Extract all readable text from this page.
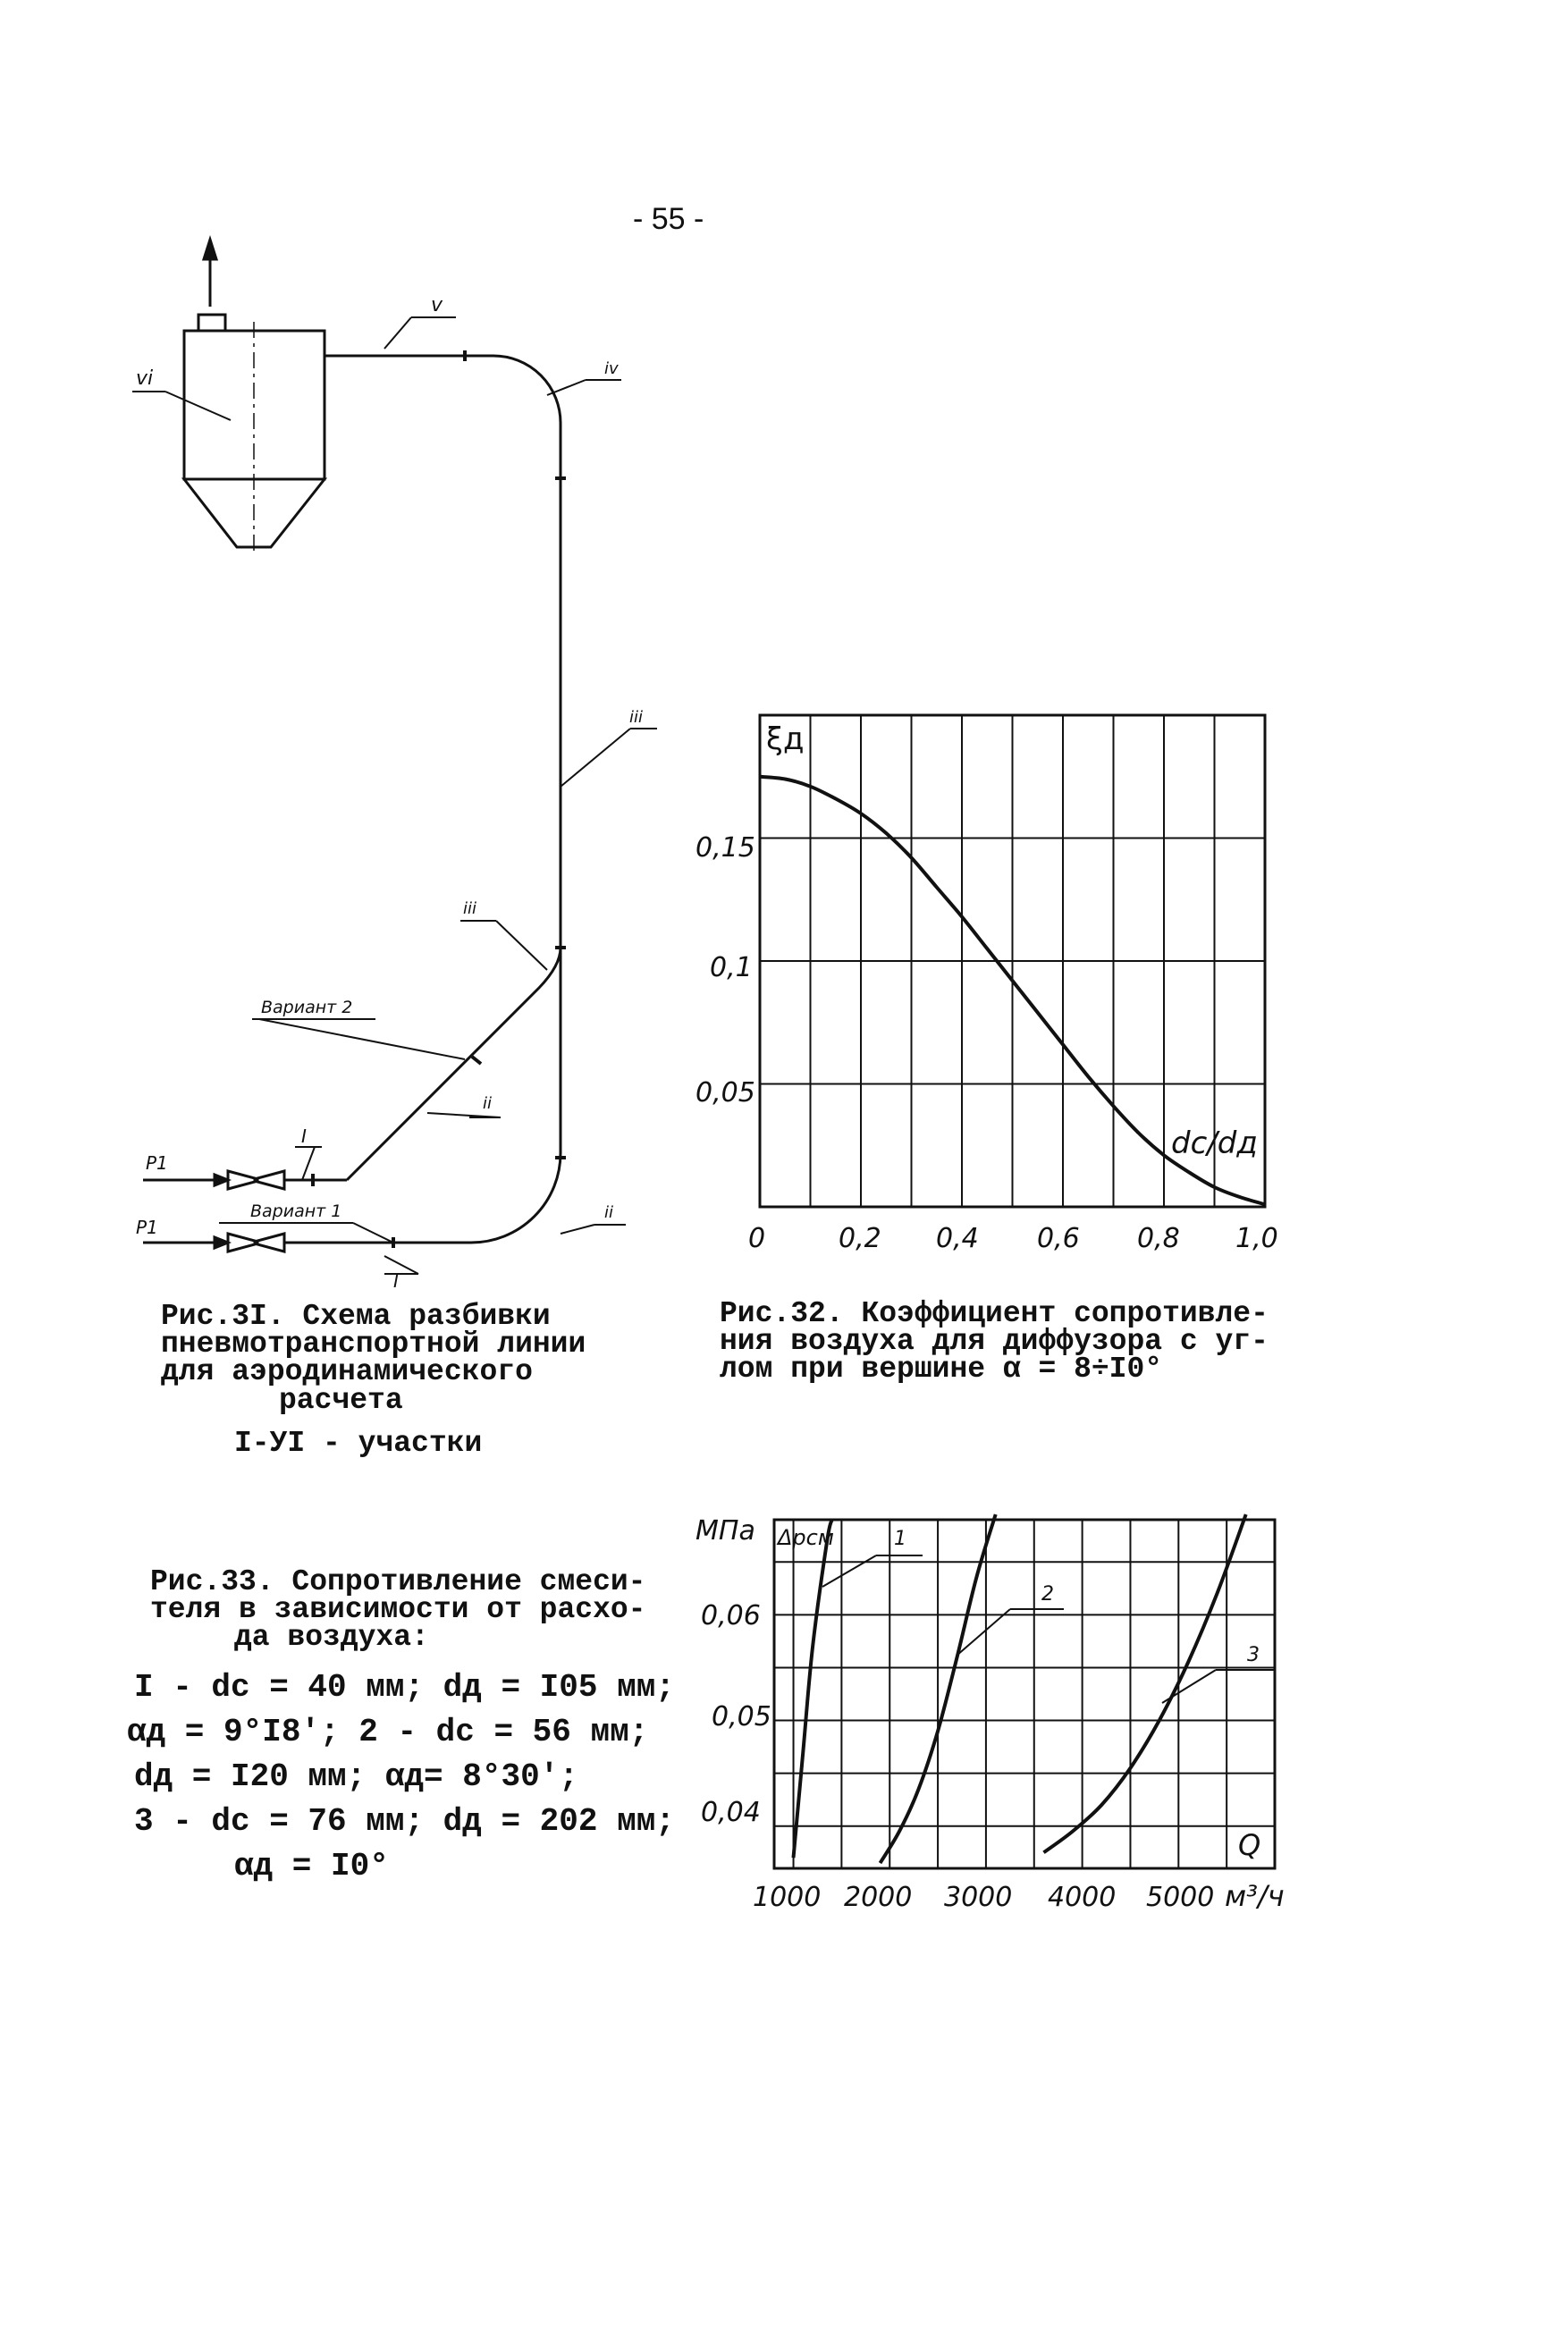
- 55 -
v
iv
vi
iii
iii
ii
ii
I
I
Вариант 2
Вариант 1
P1
P1
Рис.3I. Схема разбивки
пневмотранспортной линии
для аэродинамического
расчета
I-УI - участки
ξд
dс/dд
0,15
0,1
0,05
0	0,2 0,4 0,6 0,8 1,0
Рис.32. Коэффициент сопротивле-
ния воздуха для диффузора с уг-
лом при вершине α = 8÷I0°
Рис.33. Сопротивление смеси-
теля в зависимости от расхо-
да воздуха:
I - dс = 40 мм; dд = I05 мм;
αд = 9°I8′; 2 - dс = 56 мм;
dд = I20 мм; αд= 8°30′;
3 - dс = 76 мм; dд = 202 мм;
αд = I0°
МПа Δpсм
Q
м³/ч
0,06
0,05
0,04
1000 2000 3000 4000 5000
1
2
3
